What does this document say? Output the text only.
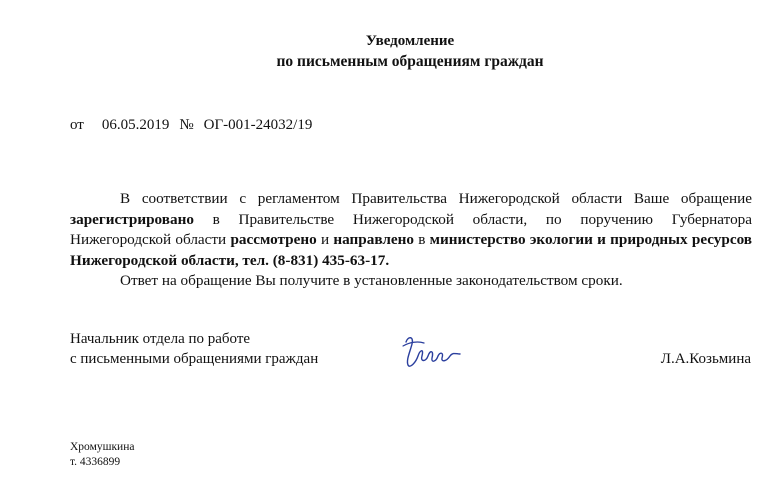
Уведомление
по письменным обращениям граждан
от 06.05.2019 № ОГ-001-24032/19

В соответствии с регламентом Правительства Нижегородской области Ваше обращение зарегистрировано в Правительстве Нижегородской области, по поручению Губернатора Нижегородской области рассмотрено и направлено в министерство экологии и природных ресурсов Нижегородской области, тел. (8-831) 435-63-17.

Ответ на обращение Вы получите в установленные законодательством сроки.

Начальник отдела по работе
с письменными обращениями граждан	Л.А.Козьмина
Хромушкина
т. 4336899
